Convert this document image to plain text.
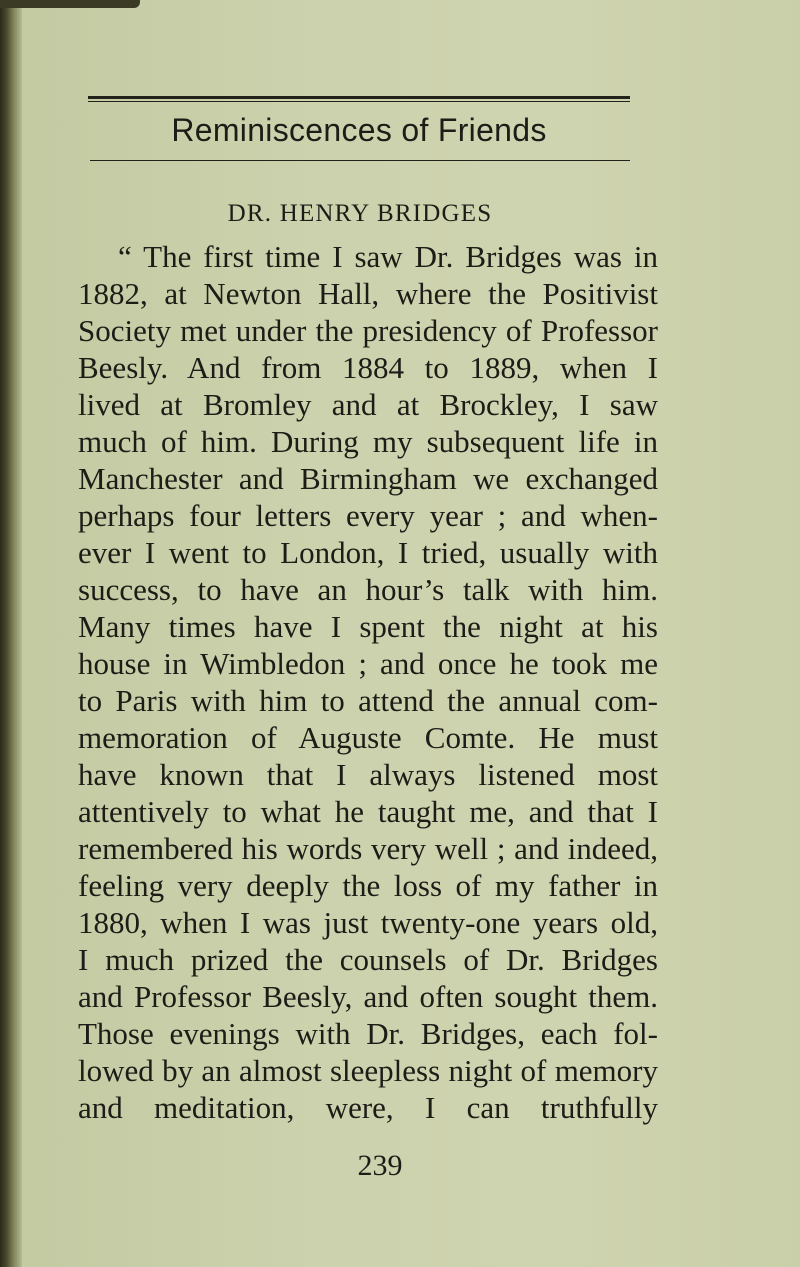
Reminiscences of Friends
DR. HENRY BRIDGES
“ The first time I saw Dr. Bridges was in
1882, at Newton Hall, where the Positivist
Society met under the presidency of Professor
Beesly. And from 1884 to 1889, when I
lived at Bromley and at Brockley, I saw
much of him. During my subsequent life in
Manchester and Birmingham we exchanged
perhaps four letters every year ; and when-
ever I went to London, I tried, usually with
success, to have an hour’s talk with him.
Many times have I spent the night at his
house in Wimbledon ; and once he took me
to Paris with him to attend the annual com-
memoration of Auguste Comte. He must
have known that I always listened most
attentively to what he taught me, and that I
remembered his words very well ; and indeed,
feeling very deeply the loss of my father in
1880, when I was just twenty-one years old,
I much prized the counsels of Dr. Bridges
and Professor Beesly, and often sought them.
Those evenings with Dr. Bridges, each fol-
lowed by an almost sleepless night of memory
and meditation, were, I can truthfully
239
